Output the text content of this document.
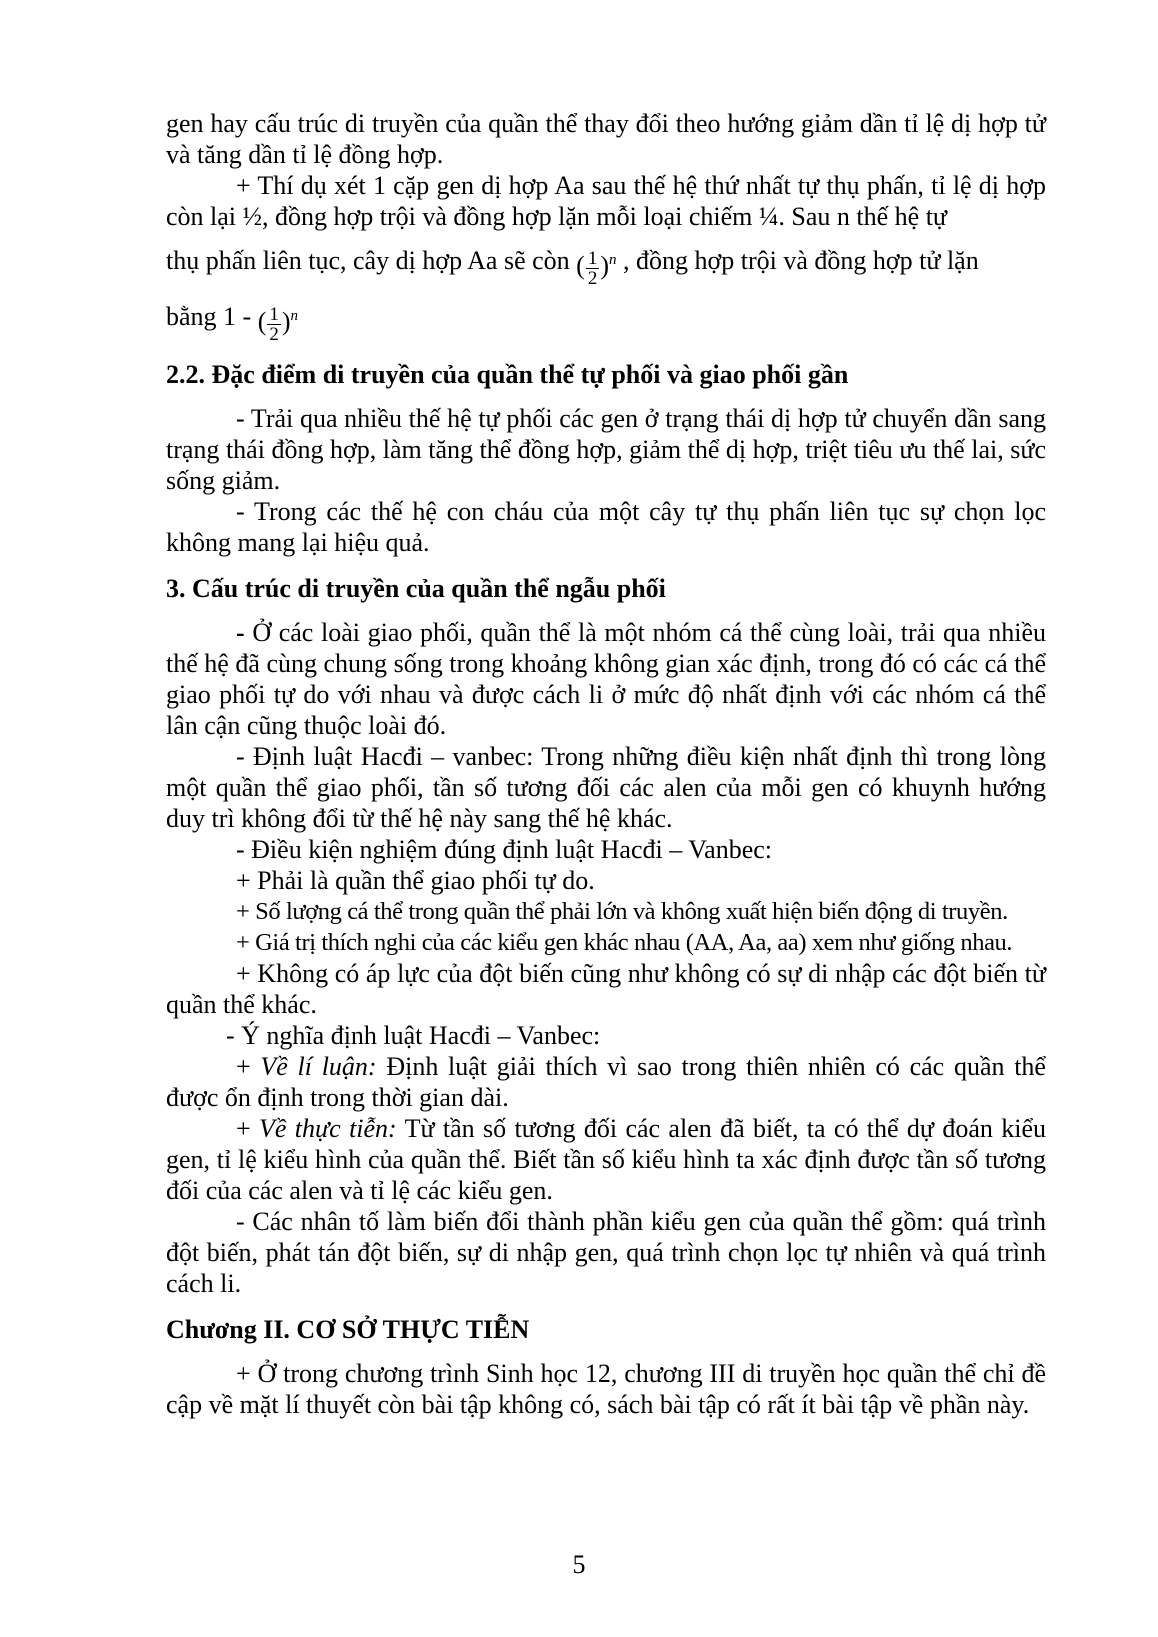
gen hay cấu trúc di truyền của quần thể thay đổi theo hướng giảm dần tỉ lệ dị hợp tử và tăng dần tỉ lệ đồng hợp.

+ Thí dụ xét 1 cặp gen dị hợp Aa sau thế hệ thứ nhất tự thụ phấn, tỉ lệ dị hợp còn lại ½, đồng hợp trội và đồng hợp lặn mỗi loại chiếm ¼. Sau n thế hệ tự

thụ phấn liên tục, cây dị hợp Aa sẽ còn ( $\frac{1}{2} )^n$ , đồng hợp trội và đồng hợp tử lặn

bằng 1 - ( $\frac{1}{2} )^n$

2.2. Đặc điểm di truyền của quần thể tự phối và giao phối gần

- Trải qua nhiều thế hệ tự phối các gen ở trạng thái dị hợp tử chuyển dần sang trạng thái đồng hợp, làm tăng thể đồng hợp, giảm thể dị hợp, triệt tiêu ưu thế lai, sức sống giảm.

- Trong các thế hệ con cháu của một cây tự thụ phấn liên tục sự chọn lọc không mang lại hiệu quả.

3. Cấu trúc di truyền của quần thể ngẫu phối

- Ở các loài giao phối, quần thể là một nhóm cá thể cùng loài, trải qua nhiều thế hệ đã cùng chung sống trong khoảng không gian xác định, trong đó có các cá thể giao phối tự do với nhau và được cách li ở mức độ nhất định với các nhóm cá thể lân cận cũng thuộc loài đó.

- Định luật Hacđi – vanbec: Trong những điều kiện nhất định thì trong lòng một quần thể giao phối, tần số tương đối các alen của mỗi gen có khuynh hướng duy trì không đổi từ thế hệ này sang thế hệ khác.

- Điều kiện nghiệm đúng định luật Hacđi – Vanbec:

+ Phải là quần thể giao phối tự do.

+ Số lượng cá thể trong quần thể phải lớn và không xuất hiện biến động di truyền.

+ Giá trị thích nghi của các kiểu gen khác nhau (AA, Aa, aa) xem như giống nhau.

+ Không có áp lực của đột biến cũng như không có sự di nhập các đột biến từ quần thể khác.

- Ý nghĩa định luật Hacđi – Vanbec:

+ Về lí luận: Định luật giải thích vì sao trong thiên nhiên có các quần thể được ổn định trong thời gian dài.

+ Về thực tiễn: Từ tần số tương đối các alen đã biết, ta có thể dự đoán kiểu gen, tỉ lệ kiểu hình của quần thể. Biết tần số kiểu hình ta xác định được tần số tương đối của các alen và tỉ lệ các kiểu gen.

- Các nhân tố làm biến đổi thành phần kiểu gen của quần thể gồm: quá trình đột biến, phát tán đột biến, sự di nhập gen, quá trình chọn lọc tự nhiên và quá trình cách li.

Chương II. CƠ SỞ THỰC TIỄN

+ Ở trong chương trình Sinh học 12, chương III di truyền học quần thể chỉ đề cập về mặt lí thuyết còn bài tập không có, sách bài tập có rất ít bài tập về phần này.

5
